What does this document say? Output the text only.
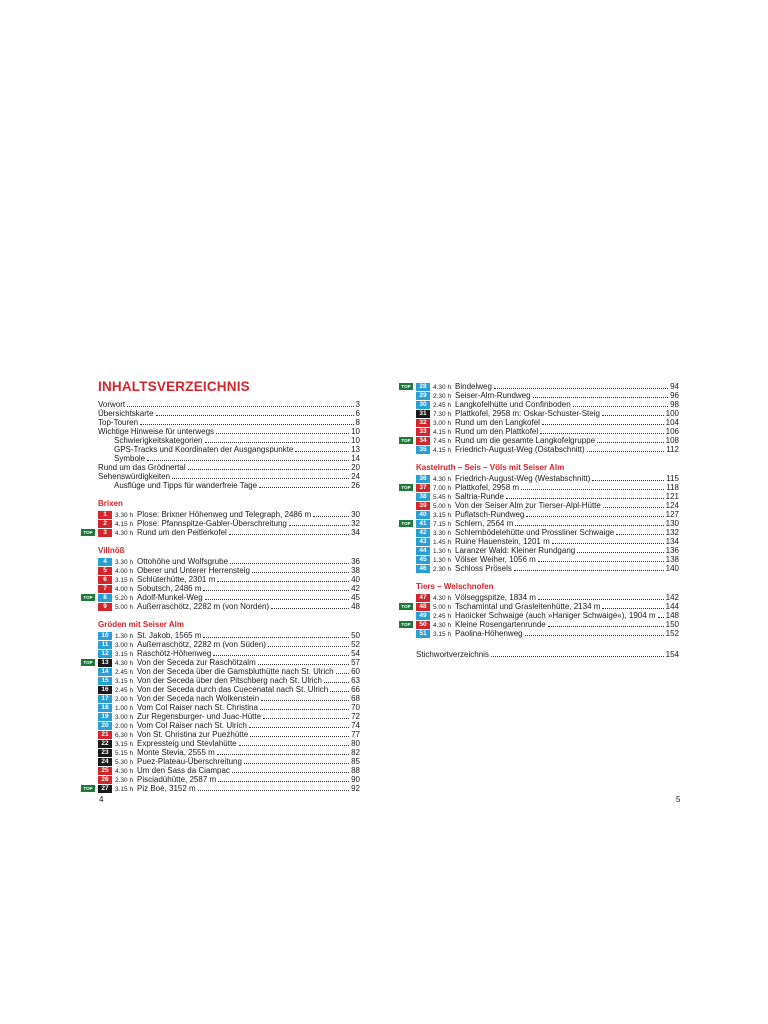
INHALTSVERZEICHNIS
Vorwort	3
Übersichtskarte	6
Top-Touren	8
Wichtige Hinweise für unterwegs	10
Schwierigkeitskategorien	10
GPS-Tracks und Koordinaten der Ausgangspunkte	13
Symbole	14
Rund um das Grödnertal	20
Sehenswürdigkeiten	24
Ausflüge und Tipps für wanderfreie Tage	26
Brixen
1	3.30 h Plose: Brixner Höhenweg und Telegraph, 2486 m	30
2	4.15 h Plose: Pfannspitze-Gabler-Überschreitung	32
TOP	3	4.30 h Rund um den Peitlerkofel	34
Villnöß
4	3.30 h Ottohöhe und Wolfsgrube	36
5	4.00 h Oberer und Unterer Herrensteig	38
6	3.15 h Schlüterhütte, 2301 m	40
7	4.00 h Sobutsch, 2486 m	42
TOP	8	5.20 h Adolf-Munkel-Weg	45
9	5.00 h Außerraschötz, 2282 m (von Norden)	48
Gröden mit Seiser Alm
10 1.30 h St. Jakob, 1565 m	50
11	3.00 h Außerraschötz, 2282 m (von Süden)	52
12 3.15 h Raschötz-Höhenweg	54
TOP	13 4.30 h Von der Seceda zur Raschötzalm	57
14 2.45 h Von der Seceda über die Gamsbluthütte nach St. Ulrich 60
15 3.15 h Von der Seceda über den Pitschberg nach St. Ulrich	63
16 2.45 h Von der Seceda durch das Cuecenatal nach St. Ulrich	66
17 2.00 h Von der Seceda nach Wolkenstein	68
18 1.00 h Vom Col Raiser nach St. Christina	70
19 3.00 h Zur Regensburger- und Juac-Hütte	72
20 2.00 h Vom Col Raiser nach St. Ulrich	74
21 6.30 h Von St. Christina zur Puezhütte	77
22 3.15 h Expressteig und Stevlahütte	80
23 5.15 h Monte Stevia, 2555 m	82
24 5.30 h Puez-Plateau-Überschreitung	85
25 4.30 h Um den Sass da Ciampac	88
26 2.30 h Pisciadùhütte, 2587 m	90
TOP	27 3.15 h Piz Boè, 3152 m	92
TOP	28 4.30 h Bindelweg	94
29 2.30 h Seiser-Alm-Rundweg	96
30 2.45 h Langkofelhütte und Confinboden	98
31 7.30 h Plattkofel, 2958 m: Oskar-Schuster-Steig	100
32 3.00 h Rund um den Langkofel	104
33 4.15 h Rund um den Plattkofel	106
TOP	34 7.45 h Rund um die gesamte Langkofelgruppe	108
35 4.15 h Friedrich-August-Weg (Ostabschnitt)	112
Kastelruth – Seis – Völs mit Seiser Alm
36 4.30 h Friedrich-August-Weg (Westabschnitt)	115
TOP	37 7.00 h Plattkofel, 2958 m	118
38 5.45 h Saltria-Runde	121
39 5.00 h Von der Seiser Alm zur Tierser-Alpl-Hütte	124
40 3.15 h Puflatsch-Rundweg	127
TOP	41 7.15 h Schlern, 2564 m	130
42 3.30 h Schlernbödelehütte und Prossliner Schwaige	132
43 1.45 h Ruine Hauenstein, 1201 m	134
44 1.30 h Laranzer Wald: Kleiner Rundgang	136
45 1.30 h Völser Weiher, 1056 m	138
46 2.30 h Schloss Prösels	140
Tiers – Welschnofen
47 4.30 h Völseggspitze, 1834 m	142
TOP	48 5.00 h Tschamintal und Grasleitenhütte, 2134 m	144
49 2.45 h Hanicker Schwaige (auch »Haniger Schwaige«), 1904 m 148
TOP	50 4.30 h Kleine Rosengartenrunde	150
51 3.15 h Paolina-Höhenweg	152
Stichwortverzeichnis	154
4	5
